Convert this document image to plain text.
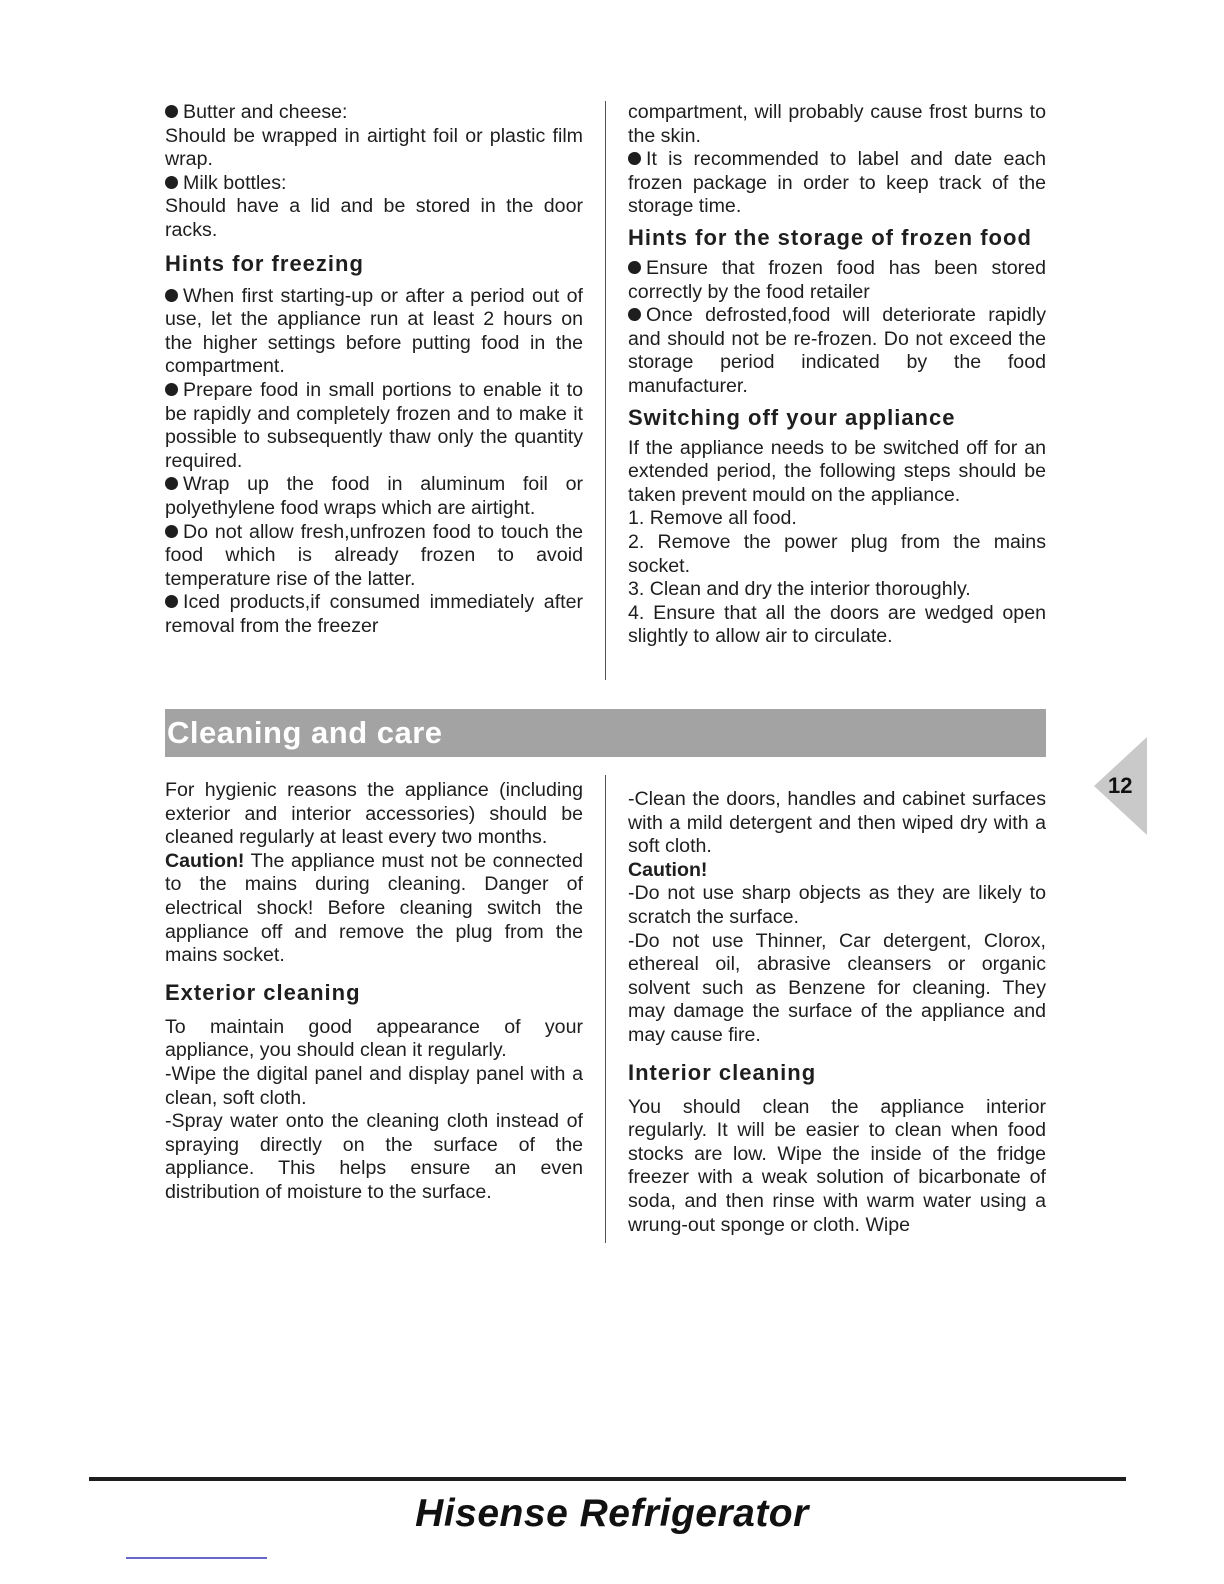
Butter and cheese:

Should be wrapped in airtight foil or plastic film wrap.

Milk bottles:

Should have a lid and be stored in the door racks.

Hints for freezing

When first starting-up or after a period out of use, let the appliance run at least 2 hours on the higher settings before putting food in the compartment.

Prepare food in small portions to enable it to be rapidly and completely frozen and to make it possible to subsequently thaw only the quantity required.

Wrap up the food in aluminum foil or polyethylene food wraps which are airtight.

Do not allow fresh,unfrozen food to touch the food which is already frozen to avoid temperature rise of the latter.

Iced products,if consumed immediately after removal from the freezer

compartment, will probably cause frost burns to the skin.

It is recommended to label and date each frozen package in order to keep track of the storage time.

Hints for the storage of frozen food

Ensure that frozen food has been stored correctly by the food retailer

Once defrosted,food will deteriorate rapidly and should not be re-frozen. Do not exceed the storage period indicated by the food manufacturer.

Switching off your appliance

If the appliance needs to be switched off for an extended period, the following steps should be taken prevent mould on the appliance.

1. Remove all food.

2. Remove the power plug from the mains socket.

3. Clean and dry the interior thoroughly.

4. Ensure that all the doors are wedged open slightly to allow air to circulate.

Cleaning and care
12

For hygienic reasons the appliance (including exterior and interior accessories) should be cleaned regularly at least every two months.

Caution! The appliance must not be connected to the mains during cleaning. Danger of electrical shock! Before cleaning switch the appliance off and remove the plug from the mains socket.

Exterior cleaning

To maintain good appearance of your appliance, you should clean it regularly.

-Wipe the digital panel and display panel with a clean, soft cloth.

-Spray water onto the cleaning cloth instead of spraying directly on the surface of the appliance. This helps ensure an even distribution of moisture to the surface.

-Clean the doors, handles and cabinet surfaces with a mild detergent and then wiped dry with a soft cloth.

Caution!

-Do not use sharp objects as they are likely to scratch the surface.

-Do not use Thinner, Car detergent, Clorox, ethereal oil, abrasive cleansers or organic solvent such as Benzene for cleaning. They may damage the surface of the appliance and may cause fire.

Interior cleaning

You should clean the appliance interior regularly. It will be easier to clean when food stocks are low. Wipe the inside of the fridge freezer with a weak solution of bicarbonate of soda, and then rinse with warm water using a wrung-out sponge or cloth. Wipe

Hisense Refrigerator
